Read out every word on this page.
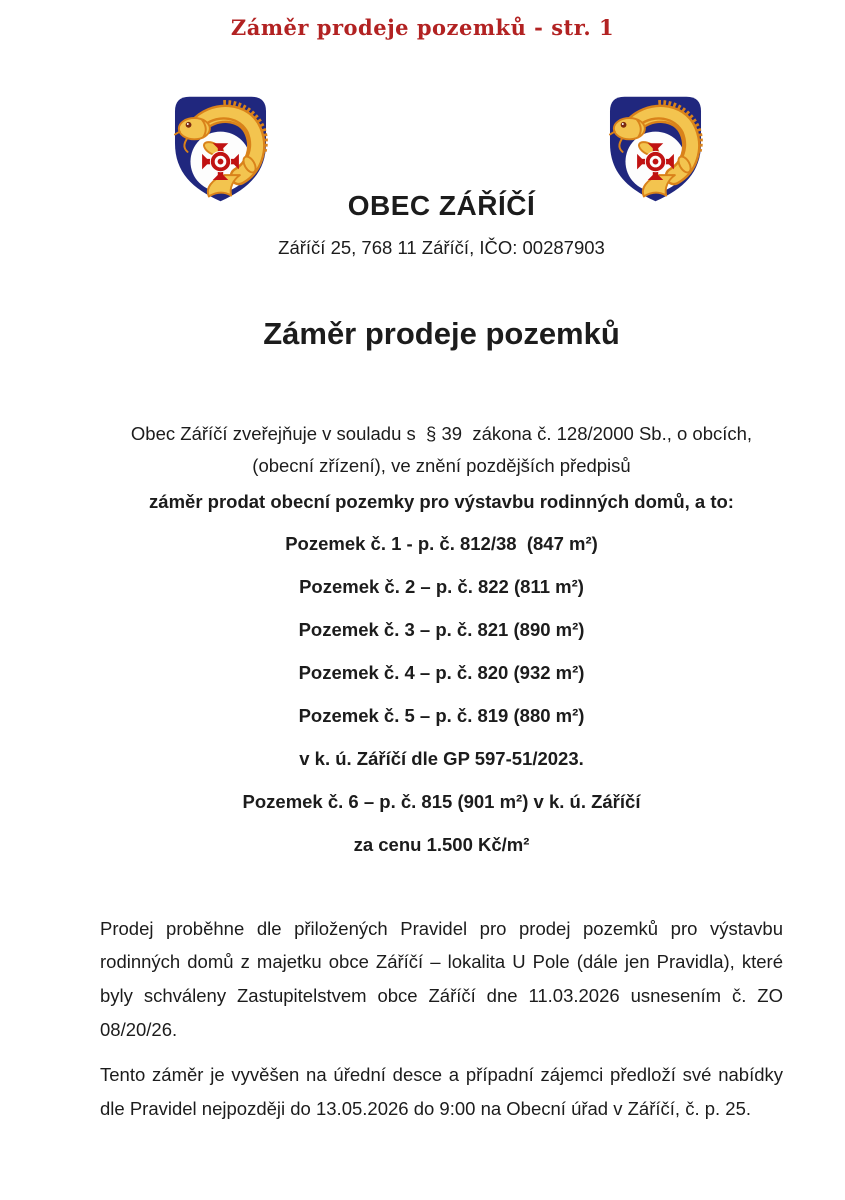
Záměr prodeje pozemků - str. 1
OBEC ZÁŘÍČÍ
Záříčí 25, 768 11 Záříčí, IČO: 00287903
Záměr prodeje pozemků

Obec Záříčí zveřejňuje v souladu s  § 39  zákona č. 128/2000 Sb., o obcích, (obecní zřízení), ve znění pozdějších předpisů

záměr prodat obecní pozemky pro výstavbu rodinných domů, a to:

Pozemek č. 1 - p. č. 812/38  (847 m²)
Pozemek č. 2 – p. č. 822 (811 m²)
Pozemek č. 3 – p. č. 821 (890 m²)
Pozemek č. 4 – p. č. 820 (932 m²)
Pozemek č. 5 – p. č. 819 (880 m²)
v k. ú. Záříčí dle GP 597-51/2023.
Pozemek č. 6 – p. č. 815 (901 m²) v k. ú. Záříčí
za cenu 1.500 Kč/m²

Prodej proběhne dle přiložených Pravidel pro prodej pozemků pro výstavbu rodinných domů z majetku obce Záříčí – lokalita U Pole (dále jen Pravidla), které byly schváleny Zastupitelstvem obce Záříčí dne 11.03.2026 usnesením č. ZO 08/20/26.

Tento záměr je vyvěšen na úřední desce a případní zájemci předloží své nabídky dle Pravidel nejpozději do 13.05.2026 do 9:00 na Obecní úřad v Záříčí, č. p. 25.
